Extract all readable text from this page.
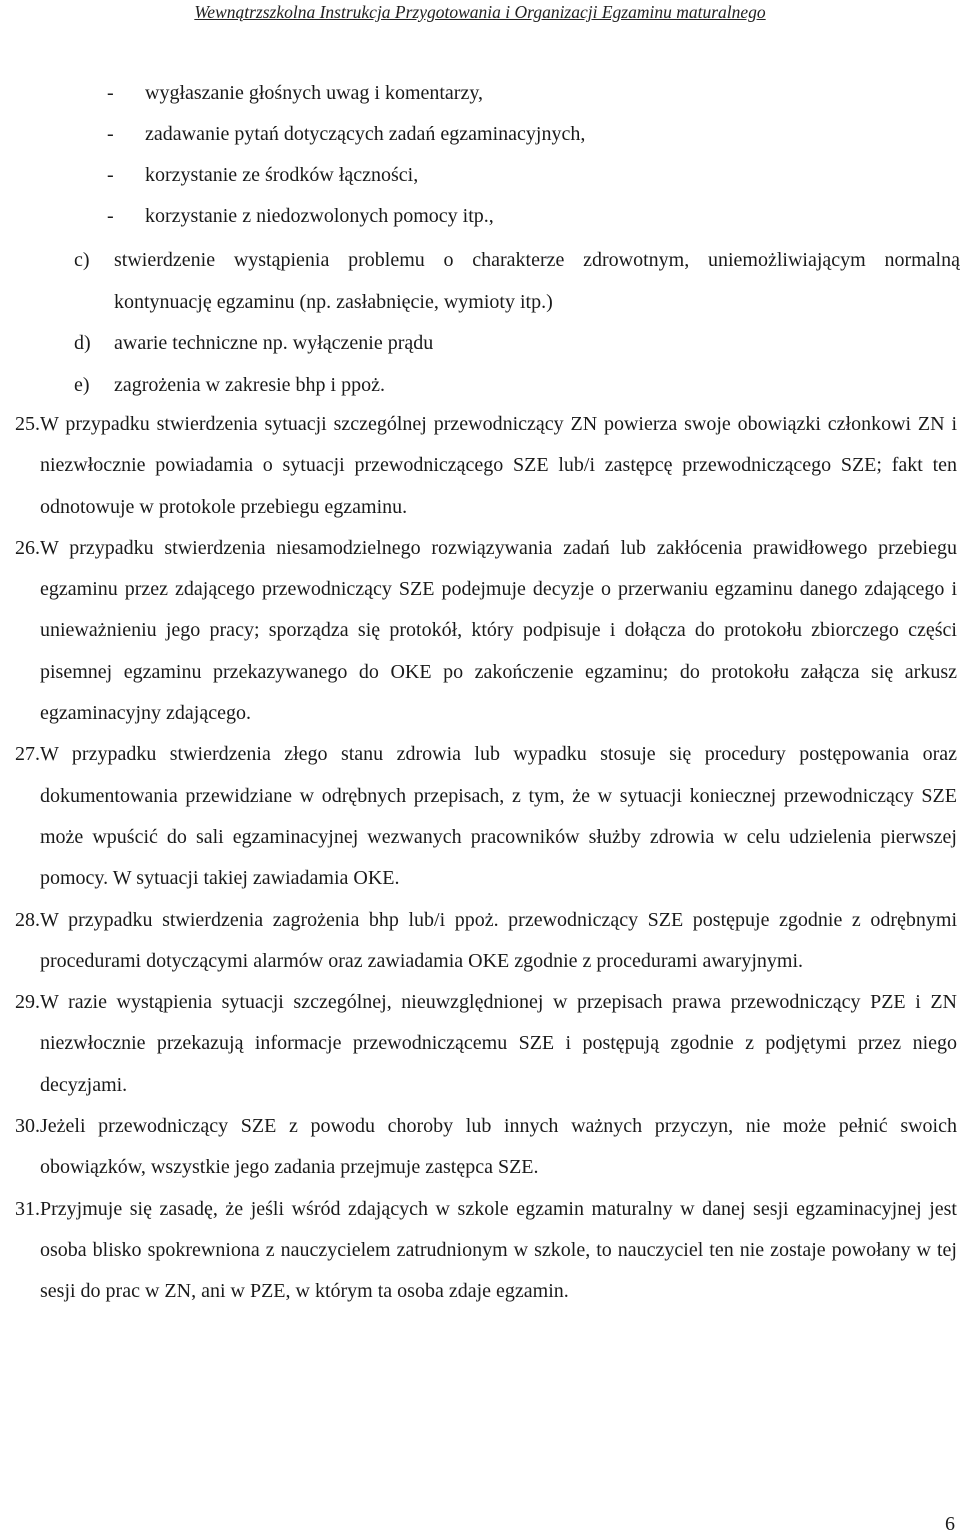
Wewnątrzszkolna Instrukcja Przygotowania i Organizacji Egzaminu maturalnego
-	wygłaszanie głośnych uwag i komentarzy,
-	zadawanie pytań dotyczących zadań egzaminacyjnych,
-	korzystanie ze środków łączności,
-	korzystanie z niedozwolonych pomocy itp.,
c)	stwierdzenie wystąpienia problemu o charakterze zdrowotnym, uniemożliwiającym normalną kontynuację egzaminu (np. zasłabnięcie, wymioty itp.)
d)	awarie techniczne np. wyłączenie prądu
e)	zagrożenia w zakresie bhp i ppoż.
25. W przypadku stwierdzenia sytuacji szczególnej przewodniczący ZN powierza swoje obowiązki członkowi ZN i niezwłocznie powiadamia o sytuacji przewodniczącego SZE lub/i zastępcę przewodniczącego SZE; fakt ten odnotowuje w protokole przebiegu egzaminu.
26. W przypadku stwierdzenia niesamodzielnego rozwiązywania zadań lub zakłócenia prawidłowego przebiegu egzaminu przez zdającego przewodniczący SZE podejmuje decyzje o przerwaniu egzaminu danego zdającego i unieważnieniu jego pracy; sporządza się protokół, który podpisuje i dołącza do protokołu zbiorczego części pisemnej egzaminu przekazywanego do OKE po zakończenie egzaminu; do protokołu załącza się arkusz egzaminacyjny zdającego.
27. W przypadku stwierdzenia złego stanu zdrowia lub wypadku stosuje się procedury postępowania oraz dokumentowania przewidziane w odrębnych przepisach, z tym, że w sytuacji koniecznej przewodniczący SZE może wpuścić do sali egzaminacyjnej wezwanych pracowników służby zdrowia w celu udzielenia pierwszej pomocy. W sytuacji takiej zawiadamia OKE.
28. W przypadku stwierdzenia zagrożenia bhp lub/i ppoż. przewodniczący SZE postępuje zgodnie z odrębnymi procedurami dotyczącymi alarmów oraz zawiadamia OKE zgodnie z procedurami awaryjnymi.
29. W razie wystąpienia sytuacji szczególnej, nieuwzględnionej w przepisach prawa przewodniczący PZE i ZN niezwłocznie przekazują informacje przewodniczącemu SZE i postępują zgodnie z podjętymi przez niego decyzjami.
30. Jeżeli przewodniczący SZE z powodu choroby lub innych ważnych przyczyn, nie może pełnić swoich obowiązków, wszystkie jego zadania przejmuje zastępca SZE.
31. Przyjmuje się zasadę, że jeśli wśród zdających w szkole egzamin maturalny w danej sesji egzaminacyjnej jest osoba blisko spokrewniona z nauczycielem zatrudnionym w szkole, to nauczyciel ten nie zostaje powołany w tej sesji do prac w ZN, ani w PZE, w którym ta osoba zdaje egzamin.
6
